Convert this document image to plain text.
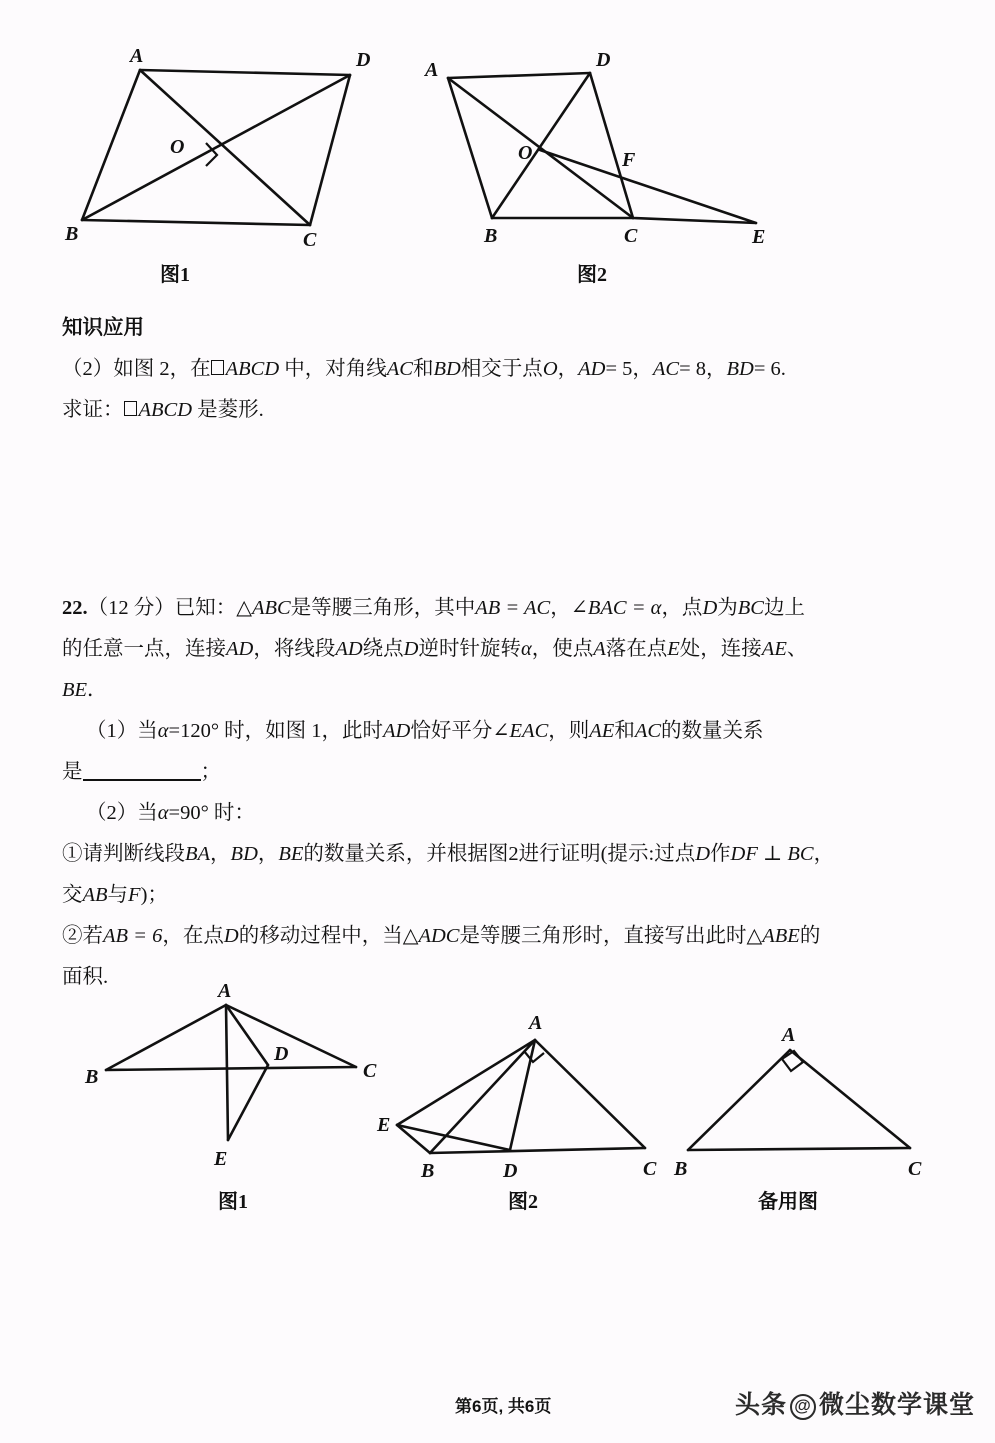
A	D
B	C
O
图1
A	D
B	C	E
O	F
图2
知识应用
（2）如图 2，在 ABCD 中，对角线AC和BD相交于点O，AD= 5，AC= 8，BD= 6.
求证： ABCD 是菱形.
22.（12 分）已知：△ABC是等腰三角形，其中AB = AC，∠BAC = α，点D为BC边上
的任意一点，连接AD，将线段AD绕点D逆时针旋转α，使点A落在点E处，连接AE、
BE．
（1）当α=120° 时，如图 1，此时AD恰好平分∠EAC，则AE和AC的数量关系
是	；
（2）当α=90° 时：
①请判断线段BA，BD，BE的数量关系，并根据图2进行证明(提示:过点D作DF ⊥ BC，
交AB与F)；
②若AB = 6，在点D的移动过程中，当△ADC是等腰三角形时，直接写出此时△ABE的
面积.
A
B	C
D
E
图1
A
B	D	C
E
图2
A
B	C
备用图
第6页, 共6页	头条 @ 微尘数学课堂
